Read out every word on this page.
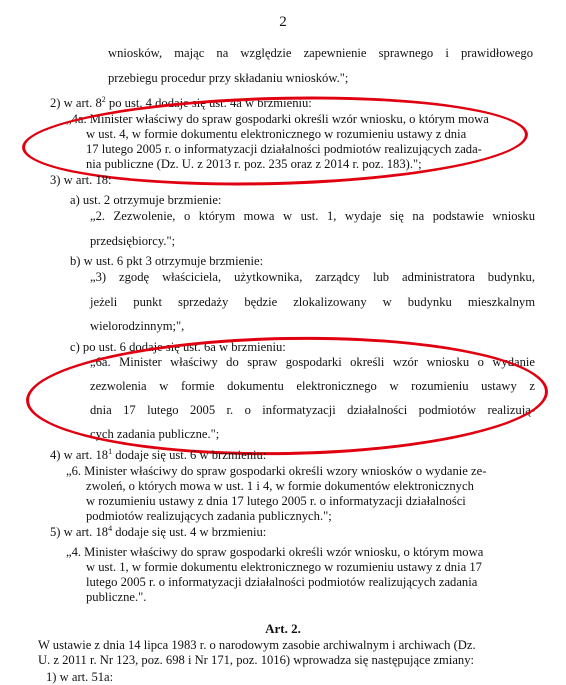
2
wniosków, mając na względzie zapewnienie sprawnego i prawidłowego
przebiegu procedur przy składaniu wniosków.";
2) w art. $8^2$ po ust. 4 dodaje się ust. 4a w brzmieniu:
„4a. Minister właściwy do spraw gospodarki określi wzór wniosku, o którym mowa
w ust. 4, w formie dokumentu elektronicznego w rozumieniu ustawy z dnia
17 lutego 2005 r. o informatyzacji działalności podmiotów realizujących zada-
nia publiczne (Dz. U. z 2013 r. poz. 235 oraz z 2014 r. poz. 183).";
3) w art. 18:
a) ust. 2 otrzymuje brzmienie:
„2. Zezwolenie, o którym mowa w ust. 1, wydaje się na podstawie wniosku
przedsiębiorcy.";
b) w ust. 6 pkt 3 otrzymuje brzmienie:
„3) zgodę właściciela, użytkownika, zarządcy lub administratora budynku,
jeżeli punkt sprzedaży będzie zlokalizowany w budynku mieszkalnym
wielorodzinnym;",
c) po ust. 6 dodaje się ust. 6a w brzmieniu:
„6a. Minister właściwy do spraw gospodarki określi wzór wniosku o wydanie
zezwolenia w formie dokumentu elektronicznego w rozumieniu ustawy z
dnia 17 lutego 2005 r. o informatyzacji działalności podmiotów realizują-
cych zadania publiczne.";
4) w art. $18^1$ dodaje się ust. 6 w brzmieniu:
„6. Minister właściwy do spraw gospodarki określi wzory wniosków o wydanie ze-
zwoleń, o których mowa w ust. 1 i 4, w formie dokumentów elektronicznych
w rozumieniu ustawy z dnia 17 lutego 2005 r. o informatyzacji działalności
podmiotów realizujących zadania publicznych.";
5) w art. $18^4$ dodaje się ust. 4 w brzmieniu:
„4. Minister właściwy do spraw gospodarki określi wzór wniosku, o którym mowa
w ust. 1, w formie dokumentu elektronicznego w rozumieniu ustawy z dnia 17
lutego 2005 r. o informatyzacji działalności podmiotów realizujących zadania
publiczne.".
Art. 2.
W ustawie z dnia 14 lipca 1983 r. o narodowym zasobie archiwalnym i archiwach (Dz.
U. z 2011 r. Nr 123, poz. 698 i Nr 171, poz. 1016) wprowadza się następujące zmiany:
1) w art. 51a:
